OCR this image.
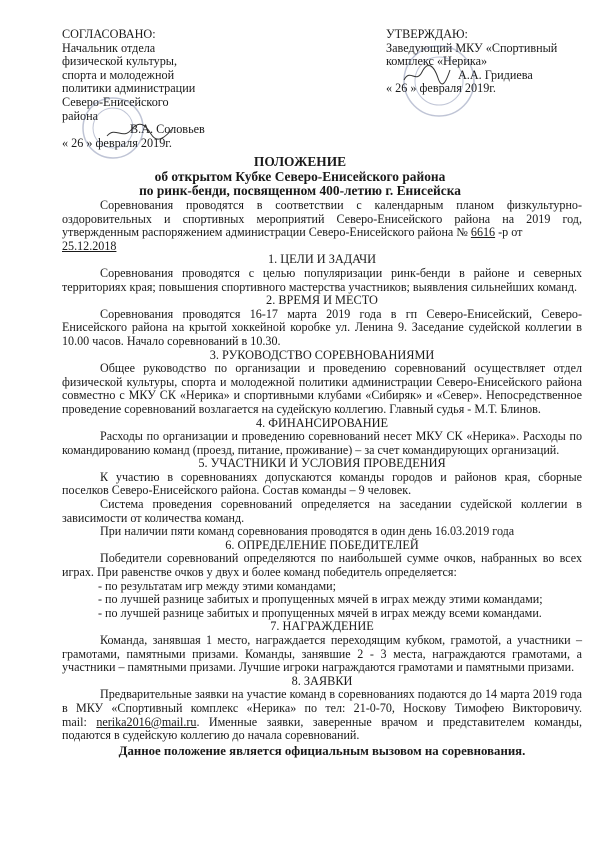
СОГЛАСОВАНО:
Начальник отдела
физической культуры,
спорта и молодежной
политики администрации
Северо-Енисейского
района
В.А. Соловьев
« 26 » февраля 2019г.
УТВЕРЖДАЮ:
Заведующий МКУ «Спортивный
комплекс «Нерика»
А.А. Гридиева
« 26 » февраля 2019г.
ПОЛОЖЕНИЕ
об открытом Кубке Северо-Енисейского района
по ринк-бенди, посвященном 400-летию г. Енисейска

Соревнования проводятся в соответствии с календарным планом физкультурно-оздоровительных и спортивных мероприятий Северо-Енисейского района на 2019 год, утвержденным распоряжением администрации Северо-Енисейского района № 6616 -р от
25.12.2018

1. ЦЕЛИ И ЗАДАЧИ

Соревнования проводятся с целью популяризации ринк-бенди в районе и северных территориях края; повышения спортивного мастерства участников; выявления сильнейших команд.

2. ВРЕМЯ И МЕСТО

Соревнования проводятся 16-17 марта 2019 года в гп Северо-Енисейский, Северо-Енисейского района на крытой хоккейной коробке ул. Ленина 9. Заседание судейской коллегии в 10.00 часов. Начало соревнований в 10.30.

3. РУКОВОДСТВО СОРЕВНОВАНИЯМИ

Общее руководство по организации и проведению соревнований осуществляет отдел физической культуры, спорта и молодежной политики администрации Северо-Енисейского района совместно с МКУ СК «Нерика» и спортивными клубами «Сибиряк» и «Север». Непосредственное проведение соревнований возлагается на судейскую коллегию. Главный судья - М.Т. Блинов.

4. ФИНАНСИРОВАНИЕ

Расходы по организации и проведению соревнований несет МКУ СК «Нерика». Расходы по командированию команд (проезд, питание, проживание) – за счет командирующих организаций.

5. УЧАСТНИКИ И УСЛОВИЯ ПРОВЕДЕНИЯ

К участию в соревнованиях допускаются команды городов и районов края, сборные поселков Северо-Енисейского района. Состав команды – 9 человек.

Система проведения соревнований определяется на заседании судейской коллегии в зависимости от количества команд.

При наличии пяти команд соревнования проводятся в один день 16.03.2019 года

6. ОПРЕДЕЛЕНИЕ ПОБЕДИТЕЛЕЙ

Победители соревнований определяются по наибольшей сумме очков, набранных во всех играх. При равенстве очков у двух и более команд победитель определяется:

- по результатам игр между этими командами;

- по лучшей разнице забитых и пропущенных мячей в играх между этими командами;

- по лучшей разнице забитых и пропущенных мячей в играх между всеми командами.

7. НАГРАЖДЕНИЕ

Команда, занявшая 1 место, награждается переходящим кубком, грамотой, а участники – грамотами, памятными призами. Команды, занявшие 2 - 3 места, награждаются грамотами, а участники – памятными призами. Лучшие игроки награждаются грамотами и памятными призами.

8. ЗАЯВКИ

Предварительные заявки на участие команд в соревнованиях подаются до 14 марта 2019 года в МКУ «Спортивный комплекс «Нерика» по тел: 21-0-70, Носкову Тимофею Викторовичу. mail: nerika2016@mail.ru. Именные заявки, заверенные врачом и представителем команды, подаются в судейскую коллегию до начала соревнований.

Данное положение является официальным вызовом на соревнования.
